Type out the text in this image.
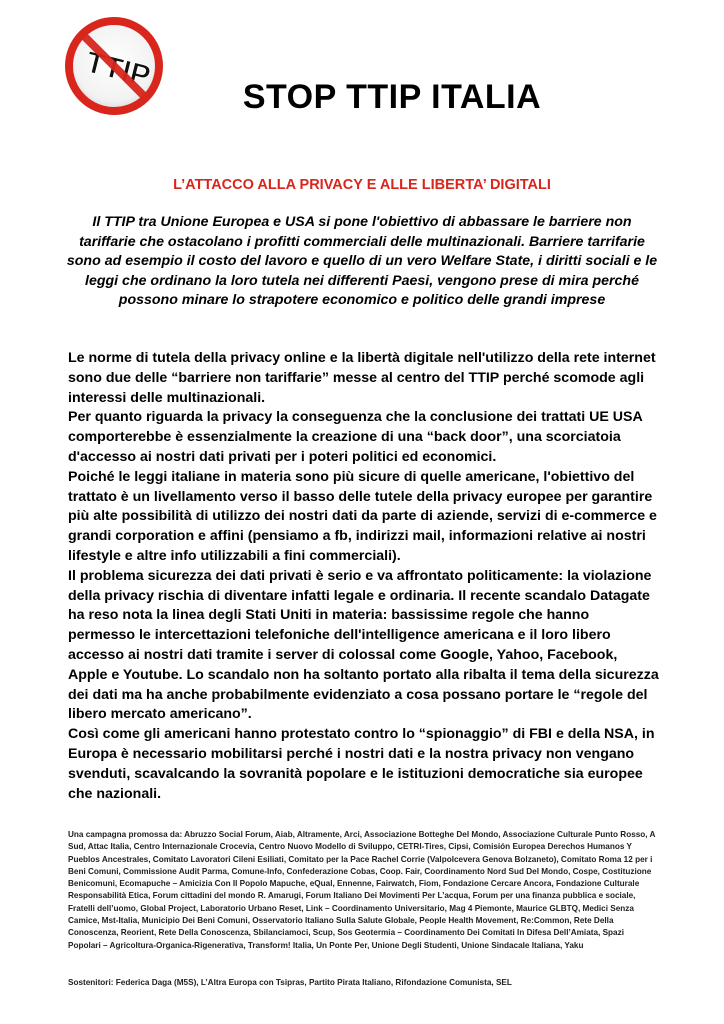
STOP TTIP ITALIA
L’ATTACCO ALLA PRIVACY E ALLE LIBERTA’ DIGITALI

Il TTIP tra Unione Europea e USA si pone l'obiettivo di abbassare le barriere non tariffarie che ostacolano i profitti commerciali delle multinazionali. Barriere tarrifarie sono ad esempio il costo del lavoro e quello di un vero Welfare State, i diritti sociali e le leggi che ordinano la loro tutela nei differenti Paesi, vengono prese di mira perché possono minare lo strapotere economico e politico delle grandi imprese

Le norme di tutela della privacy online e la libertà digitale nell'utilizzo della rete internet sono due delle “barriere non tariffarie” messe al centro del TTIP perché scomode agli interessi delle multinazionali.

Per quanto riguarda la privacy la conseguenza che la conclusione dei trattati UE USA comporterebbe è essenzialmente la creazione di una “back door”, una scorciatoia d'accesso ai nostri dati privati per i poteri politici ed economici.

Poiché le leggi italiane in materia sono più sicure di quelle americane, l'obiettivo del trattato è un livellamento verso il basso delle tutele della privacy europee per garantire più alte possibilità di utilizzo dei nostri dati da parte di aziende, servizi di e-commerce e grandi corporation e affini (pensiamo a fb, indirizzi mail, informazioni relative ai nostri lifestyle e altre info utilizzabili a fini commerciali).

Il problema sicurezza dei dati privati è serio e va affrontato politicamente: la violazione della privacy rischia di diventare infatti legale e ordinaria. Il recente scandalo Datagate ha reso nota la linea degli Stati Uniti in materia: bassissime regole che hanno permesso le intercettazioni telefoniche dell'intelligence americana e il loro libero accesso ai nostri dati tramite i server di colossal come Google, Yahoo, Facebook, Apple e Youtube. Lo scandalo non ha soltanto portato alla ribalta il tema della sicurezza dei dati ma ha anche probabilmente evidenziato a cosa possano portare le “regole del libero mercato americano”.

Così come gli americani hanno protestato contro lo “spionaggio” di FBI e della NSA, in Europa è necessario mobilitarsi perché i nostri dati e la nostra privacy non vengano svenduti, scavalcando la sovranità popolare e le istituzioni democratiche sia europee che nazionali.

Una campagna promossa da: Abruzzo Social Forum, Aiab, Altramente, Arci, Associazione Botteghe Del Mondo, Associazione Culturale Punto Rosso, A Sud, Attac Italia, Centro Internazionale Crocevia, Centro Nuovo Modello di Sviluppo, CETRI-Tires, Cipsi, Comisión Europea Derechos Humanos Y Pueblos Ancestrales, Comitato Lavoratori Cileni Esiliati, Comitato per la Pace Rachel Corrie (Valpolcevera Genova Bolzaneto), Comitato Roma 12 per i Beni Comuni, Commissione Audit Parma, Comune-Info, Confederazione Cobas, Coop. Fair, Coordinamento Nord Sud Del Mondo, Cospe, Costituzione Benicomuni, Ecomapuche – Amicizia Con Il Popolo Mapuche, eQual, Ennenne, Fairwatch, Fiom, Fondazione Cercare Ancora, Fondazione Culturale Responsabilità Etica, Forum cittadini del mondo R. Amarugi, Forum Italiano Dei Movimenti Per L’acqua, Forum per una finanza pubblica e sociale, Fratelli dell’uomo, Global Project, Laboratorio Urbano Reset, Link – Coordinamento Universitario, Mag 4 Piemonte, Maurice GLBTQ, Medici Senza Camice, Mst-Italia, Municipio Dei Beni Comuni, Osservatorio Italiano Sulla Salute Globale, People Health Movement, Re:Common, Rete Della Conoscenza, Reorient, Rete Della Conoscenza, Sbilanciamoci, Scup, Sos Geotermia – Coordinamento Dei Comitati In Difesa Dell’Amiata, Spazi Popolari – Agricoltura-Organica-Rigenerativa, Transform! Italia, Un Ponte Per, Unione Degli Studenti, Unione Sindacale Italiana, Yaku

Sostenitori: Federica Daga (M5S), L’Altra Europa con Tsipras, Partito Pirata Italiano, Rifondazione Comunista, SEL
